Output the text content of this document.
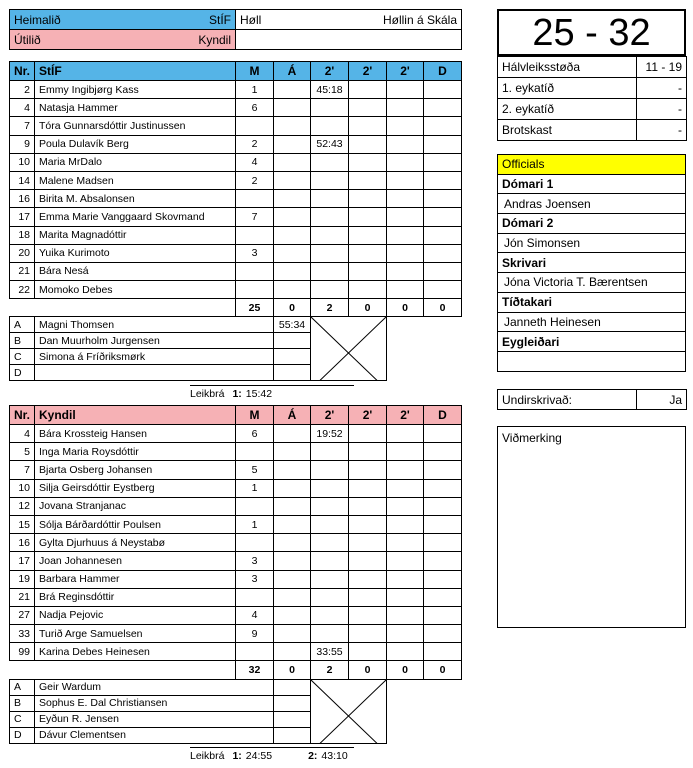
Heimalið StÍF	Høll Høllin á Skála

Útilið Kyndil	

Nr.	StÍF	M	Á	2'	2'	2'	D
2	Emmy Ingibjørg Kass	1		45:18			
4	Natasja Hammer	6					
7	Tóra Gunnarsdóttir Justinussen						
9	Poula Dulavík Berg	2		52:43			
10	Maria MrDalo	4					
14	Malene Madsen	2					
16	Birita M. Absalonsen						
17	Emma Marie Vanggaard Skovmand	7					
18	Marita Magnadóttir						
20	Yuika Kurimoto	3					
21	Bára Nesá						
22	Momoko Debes						
		25	0	2	0	0	0
A	Magni Thomsen		55:34	

B	Dan Muurholm Jurgensen						
C	Simona á Fríðriksmørk						
D							
Nr.	Kyndil	M	Á	2'	2'	2'	D
4	Bára Krossteig Hansen	6		19:52			
5	Inga Maria Roysdóttir						
7	Bjarta Osberg Johansen	5					
10	Silja Geirsdóttir Eystberg	1					
12	Jovana Stranjanac						
15	Sólja Bárðardóttir Poulsen	1					
16	Gylta Djurhuus á Neystabø						
17	Joan Johannesen	3					
19	Barbara Hammer	3					
21	Brá Reginsdóttir						
27	Nadja Pejovic	4					
33	Turið Arge Samuelsen	9					
99	Karina Debes Heinesen			33:55			
		32	0	2	0	0	0
A	Geir Wardum		

B	Sophus E. Dal Christiansen						
C	Eyðun R. Jensen						
D	Dávur Clementsen						
25 - 32
Hálvleiksstøða	11 - 19
1. eykatíð	-
2. eykatíð	-
Brotskast	-
Officials
Dómari 1
Andras Joensen
Dómari 2
Jón Simonsen
Skrivari
Jóna Victoria T. Bærentsen
Tíðtakari
Janneth Heinesen
Eygleiðari

Undirskrivað:	Ja
Viðmerking
Leikbrá 1: 15:42
Leikbrá 1: 24:55	2: 43:10
